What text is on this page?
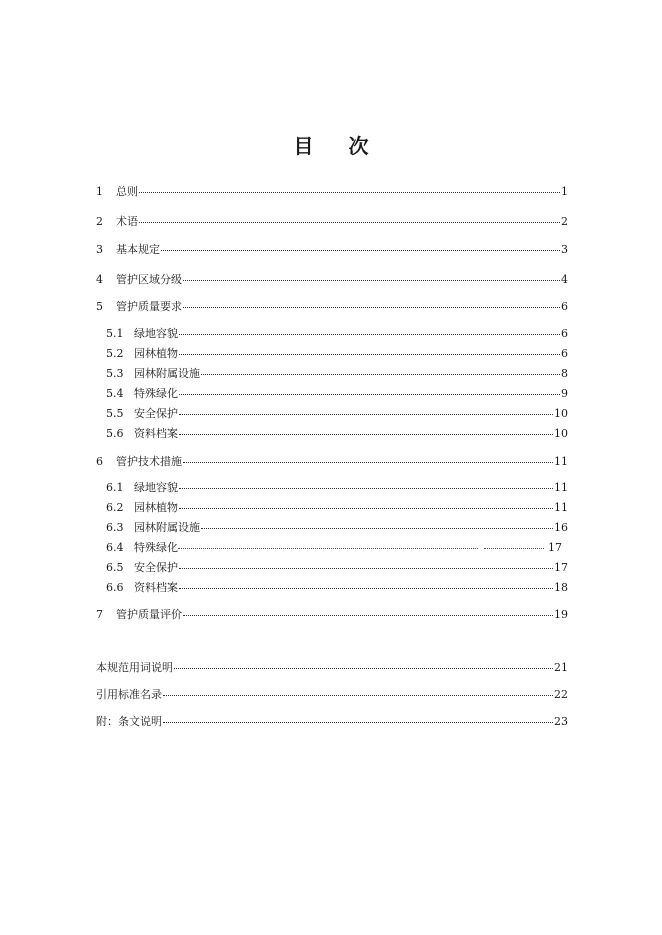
目 次
1	总则	1
2	术语	2
3	基本规定	3
4	管护区域分级	4
5	管护质量要求	6
5.1 绿地容貌	6
5.2 园林植物	6
5.3 园林附属设施	8
5.4 特殊绿化	9
5.5 安全保护	10
5.6 资料档案	10
6	管护技术措施	11
6.1 绿地容貌	11
6.2 园林植物	11
6.3 园林附属设施	16
6.4 特殊绿化	17
6.5 安全保护	17
6.6 资料档案	18
7	管护质量评价	19
本规范用词说明	21
引用标准名录	22
附：条文说明	23
